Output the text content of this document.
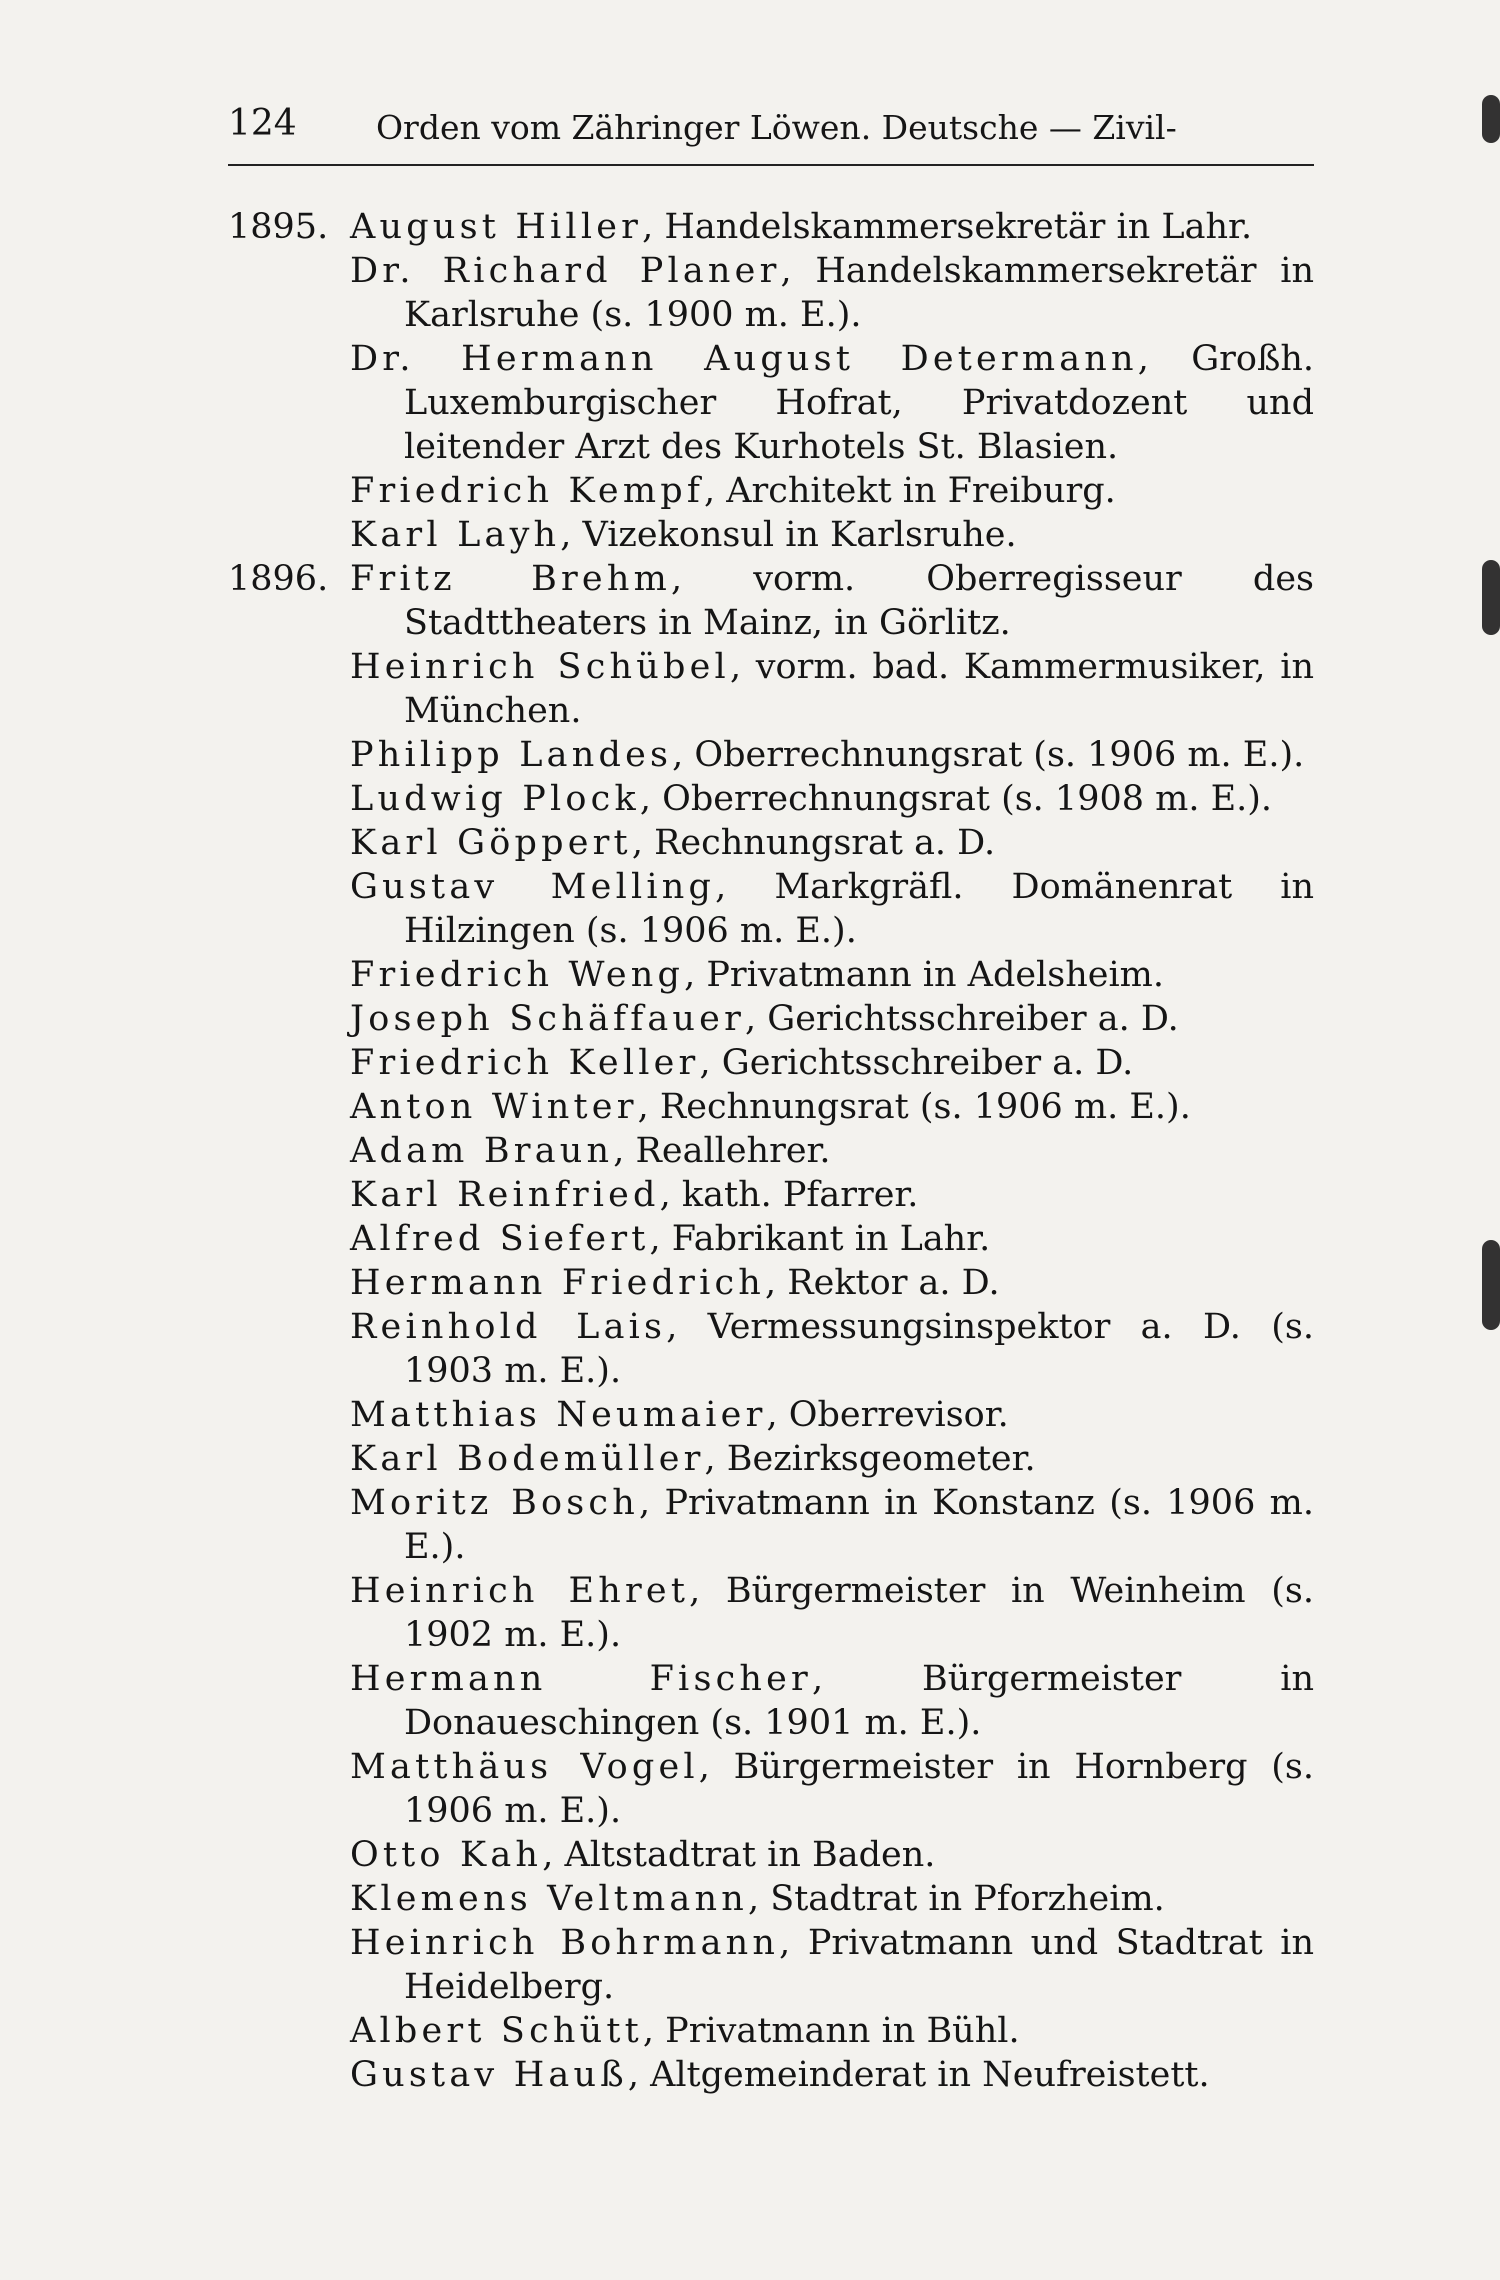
124 Orden vom Zähringer Löwen. Deutsche — Zivil-
1895. August Hiller, Handelskammersekretär in Lahr.

Dr. Richard Planer, Handelskammersekretär in Karlsruhe (s. 1900 m. E.).

Dr. Hermann August Determann, Großh. Luxemburgischer Hofrat, Privatdozent und leitender Arzt des Kurhotels St. Blasien.

Friedrich Kempf, Architekt in Freiburg.

Karl Layh, Vizekonsul in Karlsruhe.

1896. Fritz Brehm, vorm. Oberregisseur des Stadttheaters in Mainz, in Görlitz.

Heinrich Schübel, vorm. bad. Kammermusiker, in München.

Philipp Landes, Oberrechnungsrat (s. 1906 m. E.).

Ludwig Plock, Oberrechnungsrat (s. 1908 m. E.).

Karl Göppert, Rechnungsrat a. D.

Gustav Melling, Markgräfl. Domänenrat in Hilzingen (s. 1906 m. E.).

Friedrich Weng, Privatmann in Adelsheim.

Joseph Schäffauer, Gerichtsschreiber a. D.

Friedrich Keller, Gerichtsschreiber a. D.

Anton Winter, Rechnungsrat (s. 1906 m. E.).

Adam Braun, Reallehrer.

Karl Reinfried, kath. Pfarrer.

Alfred Siefert, Fabrikant in Lahr.

Hermann Friedrich, Rektor a. D.

Reinhold Lais, Vermessungsinspektor a. D. (s. 1903 m. E.).

Matthias Neumaier, Oberrevisor.

Karl Bodemüller, Bezirksgeometer.

Moritz Bosch, Privatmann in Konstanz (s. 1906 m. E.).

Heinrich Ehret, Bürgermeister in Weinheim (s. 1902 m. E.).

Hermann Fischer, Bürgermeister in Donaueschingen (s. 1901 m. E.).

Matthäus Vogel, Bürgermeister in Hornberg (s. 1906 m. E.).

Otto Kah, Altstadtrat in Baden.

Klemens Veltmann, Stadtrat in Pforzheim.

Heinrich Bohrmann, Privatmann und Stadtrat in Heidelberg.

Albert Schütt, Privatmann in Bühl.

Gustav Hauß, Altgemeinderat in Neufreistett.
